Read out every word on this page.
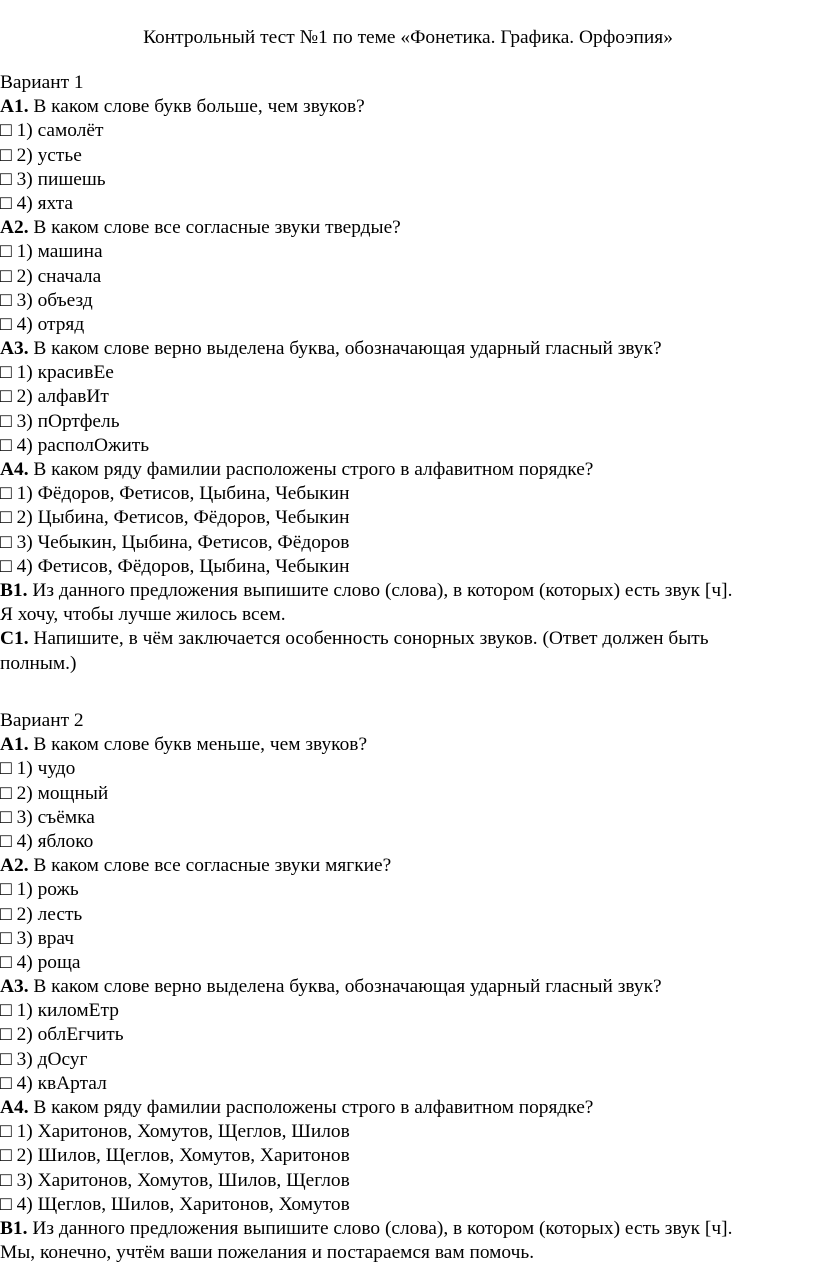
Контрольный тест №1 по теме «Фонетика. Графика. Орфоэпия»
Вариант 1
А1. В каком слове букв больше, чем звуков?
□ 1) самолёт
□ 2) устье
□ 3) пишешь
□ 4) яхта
А2. В каком слове все согласные звуки твердые?
□ 1) машина
□ 2) сначала
□ 3) объезд
□ 4) отряд
А3. В каком слове верно выделена буква, обозначающая ударный гласный звук?
□ 1) красивЕе
□ 2) алфавИт
□ 3) пОртфель
□ 4) располОжить
А4. В каком ряду фамилии расположены строго в алфавитном порядке?
□ 1) Фёдоров, Фетисов, Цыбина, Чебыкин
□ 2) Цыбина, Фетисов, Фёдоров, Чебыкин
□ 3) Чебыкин, Цыбина, Фетисов, Фёдоров
□ 4) Фетисов, Фёдоров, Цыбина, Чебыкин
В1. Из данного предложения выпишите слово (слова), в котором (которых) есть звук [ч].
Я хочу, чтобы лучше жилось всем.
С1. Напишите, в чём заключается особенность сонорных звуков. (Ответ должен быть
полным.)
Вариант 2
А1. В каком слове букв меньше, чем звуков?
□ 1) чудо
□ 2) мощный
□ 3) съёмка
□ 4) яблоко
А2. В каком слове все согласные звуки мягкие?
□ 1) рожь
□ 2) лесть
□ 3) врач
□ 4) роща
А3. В каком слове верно выделена буква, обозначающая ударный гласный звук?
□ 1) киломЕтр
□ 2) облЕгчить
□ 3) дОсуг
□ 4) квАртал
А4. В каком ряду фамилии расположены строго в алфавитном порядке?
□ 1) Харитонов, Хомутов, Щеглов, Шилов
□ 2) Шилов, Щеглов, Хомутов, Харитонов
□ 3) Харитонов, Хомутов, Шилов, Щеглов
□ 4) Щеглов, Шилов, Харитонов, Хомутов
В1. Из данного предложения выпишите слово (слова), в котором (которых) есть звук [ч].
Мы, конечно, учтём ваши пожелания и постараемся вам помочь.
